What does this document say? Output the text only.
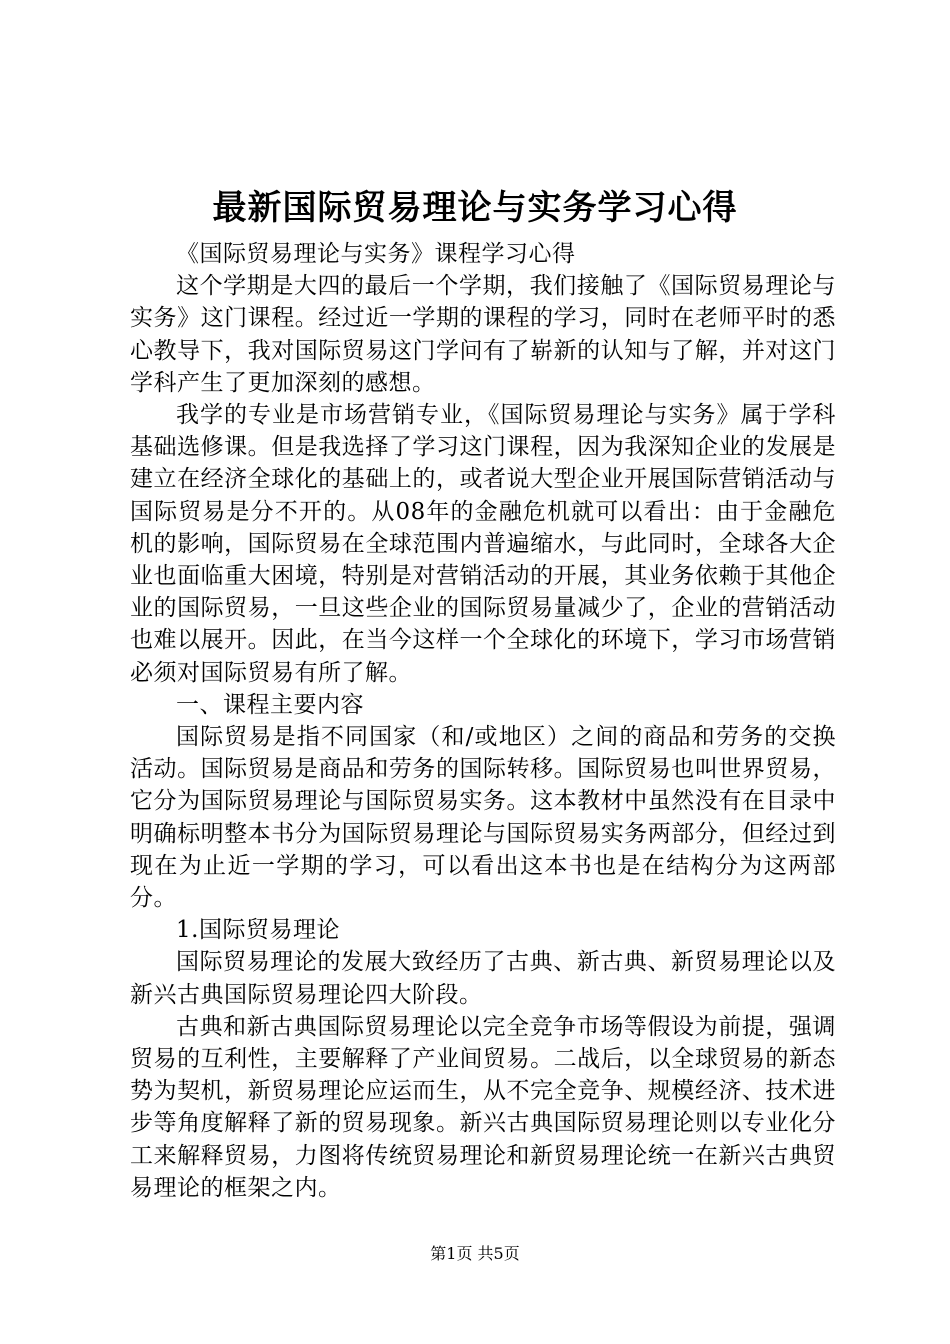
最新国际贸易理论与实务学习心得

《国际贸易理论与实务》课程学习心得

这个学期是大四的最后一个学期，我们接触了《国际贸易理论与实务》这门课程。经过近一学期的课程的学习，同时在老师平时的悉心教导下，我对国际贸易这门学问有了崭新的认知与了解，并对这门学科产生了更加深刻的感想。

我学的专业是市场营销专业，《国际贸易理论与实务》属于学科基础选修课。但是我选择了学习这门课程，因为我深知企业的发展是建立在经济全球化的基础上的，或者说大型企业开展国际营销活动与国际贸易是分不开的。从08年的金融危机就可以看出：由于金融危机的影响，国际贸易在全球范围内普遍缩水，与此同时，全球各大企业也面临重大困境，特别是对营销活动的开展，其业务依赖于其他企业的国际贸易，一旦这些企业的国际贸易量减少了，企业的营销活动也难以展开。因此，在当今这样一个全球化的环境下，学习市场营销必须对国际贸易有所了解。

一、课程主要内容

国际贸易是指不同国家（和/或地区）之间的商品和劳务的交换活动。国际贸易是商品和劳务的国际转移。国际贸易也叫世界贸易，它分为国际贸易理论与国际贸易实务。这本教材中虽然没有在目录中明确标明整本书分为国际贸易理论与国际贸易实务两部分，但经过到现在为止近一学期的学习，可以看出这本书也是在结构分为这两部分。

1.国际贸易理论

国际贸易理论的发展大致经历了古典、新古典、新贸易理论以及新兴古典国际贸易理论四大阶段。

古典和新古典国际贸易理论以完全竞争市场等假设为前提，强调贸易的互利性，主要解释了产业间贸易。二战后，以全球贸易的新态势为契机，新贸易理论应运而生，从不完全竞争、规模经济、技术进步等角度解释了新的贸易现象。新兴古典国际贸易理论则以专业化分工来解释贸易，力图将传统贸易理论和新贸易理论统一在新兴古典贸易理论的框架之内。

第1页 共5页
